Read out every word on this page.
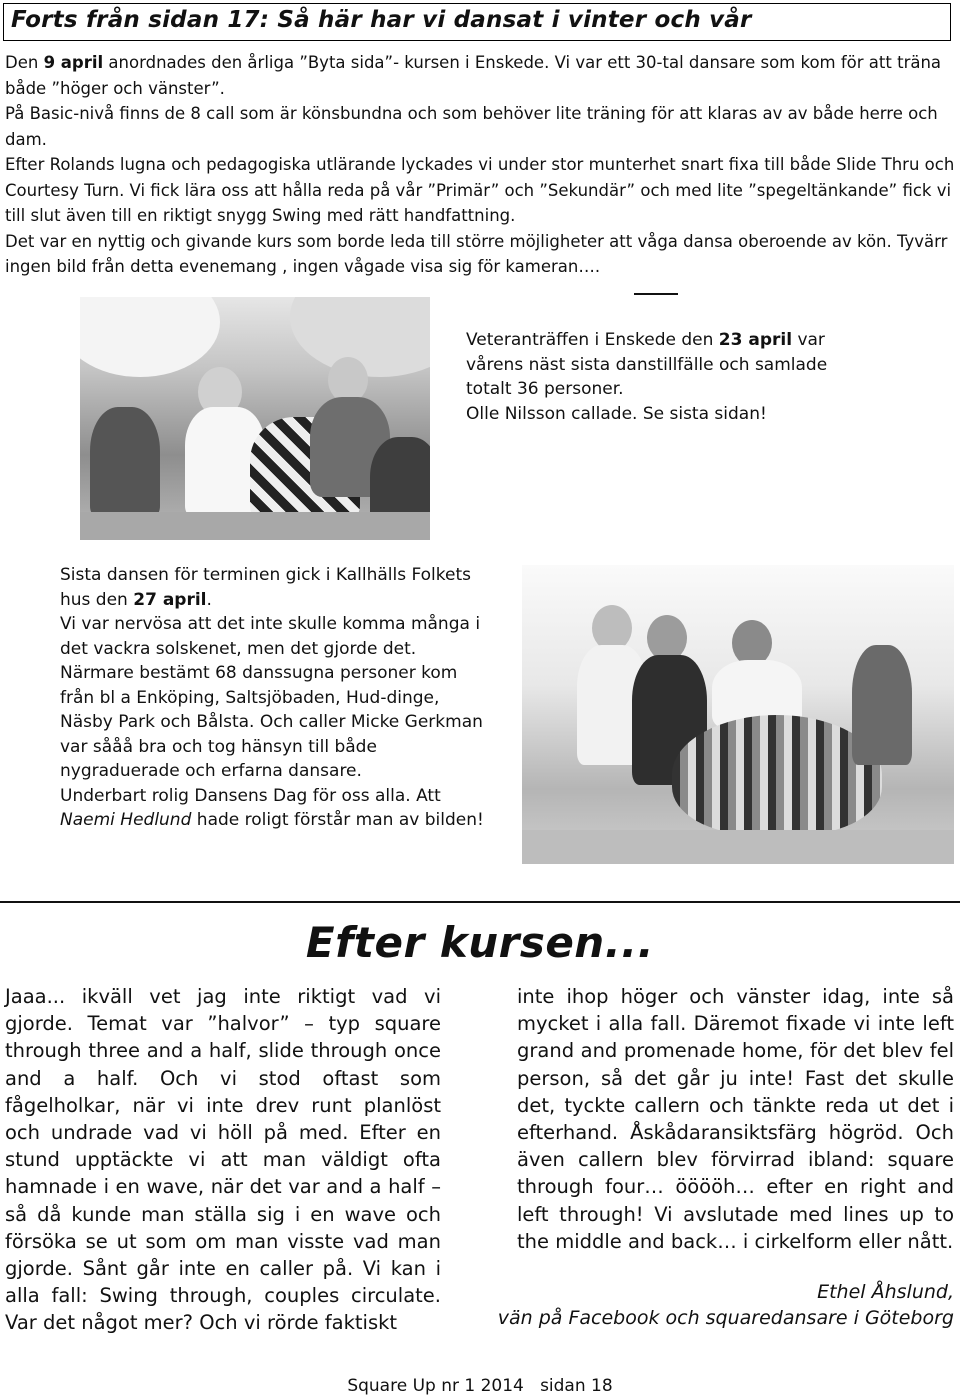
Forts från sidan 17: Så här har vi dansat i vinter och vår

Den 9 april anordnades den årliga ”Byta sida”- kursen i Enskede. Vi var ett 30-tal dansare som kom för att träna både ”höger och vänster”.

På Basic-nivå finns de 8 call som är könsbundna och som behöver lite träning för att klaras av av både herre och dam.

Efter Rolands lugna och pedagogiska utlärande lyckades vi under stor munterhet snart fixa till både Slide Thru och Courtesy Turn. Vi fick lära oss att hålla reda på vår ”Primär” och ”Sekundär” och med lite ”spegeltänkande” fick vi till slut även till en riktigt snygg Swing med rätt handfattning.

Det var en nyttig och givande kurs som borde leda till större möjligheter att våga dansa oberoende av kön. Tyvärr ingen bild från detta evenemang , ingen vågade visa sig för kameran….

Veteranträffen i Enskede den 23 april var vårens näst sista danstillfälle och samlade totalt 36 personer.

Olle Nilsson callade. Se sista sidan!

Sista dansen för terminen gick i Kallhälls Folkets hus den 27 april.

Vi var nervösa att det inte skulle komma många i det vackra solskenet, men det gjorde det. Närmare bestämt 68 danssugna personer kom från bl a Enköping, Saltsjöbaden, Hud-dinge, Näsby Park och Bålsta. Och caller Micke Gerkman var sååå bra och tog hänsyn till både nygraduerade och erfarna dansare.

Underbart rolig Dansens Dag för oss alla. Att Naemi Hedlund hade roligt förstår man av bilden!

Efter kursen...

Jaaa... ikväll vet jag inte riktigt vad vi gjorde. Temat var ”halvor” – typ square through three and a half, slide through once and a half. Och vi stod oftast som fågelholkar, när vi inte drev runt planlöst och undrade vad vi höll på med. Efter en stund upptäckte vi att man väldigt ofta hamnade i en wave, när det var and a half – så då kunde man ställa sig i en wave och försöka se ut som om man visste vad man gjorde. Sånt går inte en caller på. Vi kan i alla fall: Swing through, couples circulate. Var det något mer? Och vi rörde faktiskt

inte ihop höger och vänster idag, inte så mycket i alla fall. Däremot fixade vi inte left grand and promenade home, för det blev fel person, så det går ju inte! Fast det skulle det, tyckte callern och tänkte reda ut det i efterhand. Åskådaransiktsfärg högröd. Och även callern blev förvirrad ibland: square through four… ööööh… efter en right and left through! Vi avslutade med lines up to the middle and back… i cirkelform eller nått.

Ethel Åhslund,

vän på Facebook och squaredansare i Göteborg

Square Up nr 1 2014   sidan 18
